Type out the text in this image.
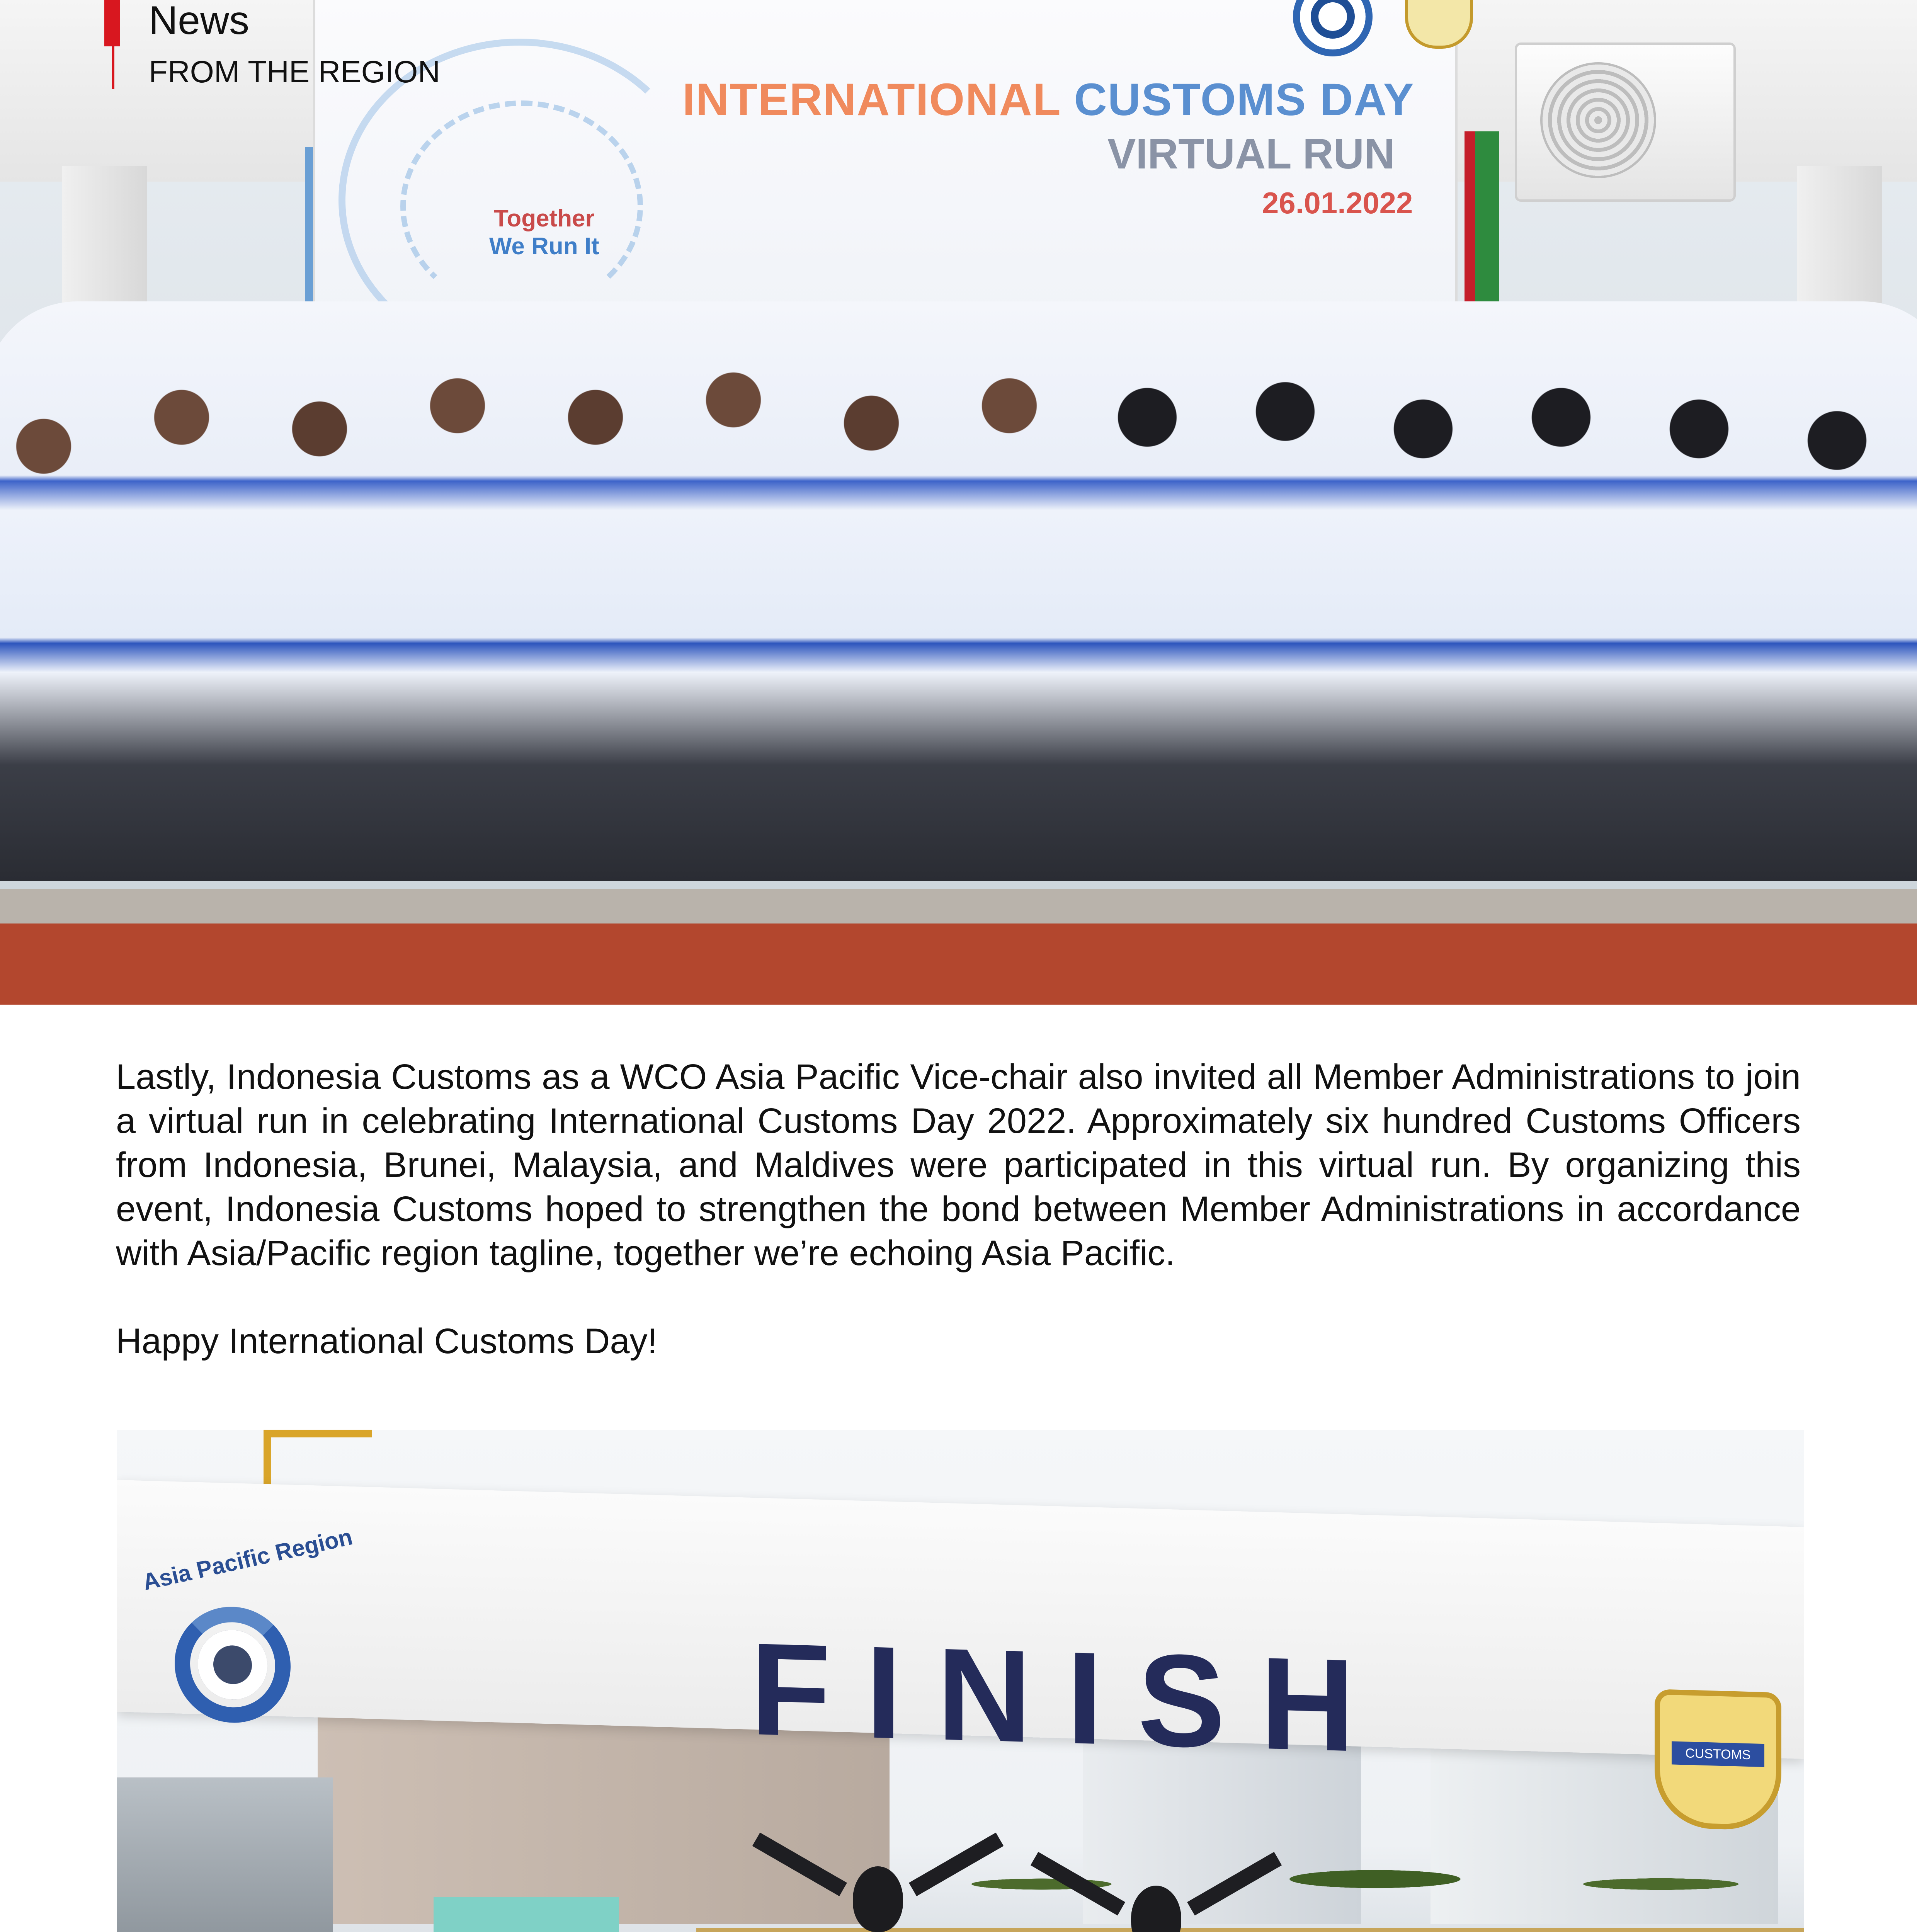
INTERNATIONAL CUSTOMS DAY
VIRTUAL RUN
26.01.2022
Together
We Run It
News
FROM THE REGION

Lastly, Indonesia Customs as a WCO Asia Pacific Vice-chair also invited all Member Administrations to join a virtual run in celebrating International Customs Day 2022. Approximately six hundred Customs Officers from Indonesia, Brunei, Malaysia, and Maldives were participated in this virtual run. By organizing this event, Indonesia Customs hoped to strengthen the bond between Member Administrations in accordance with Asia/Pacific region tagline, together we’re echoing Asia Pacific.

Happy International Customs Day!

Asia Pacific Region
FINISH	CUSTOMS
